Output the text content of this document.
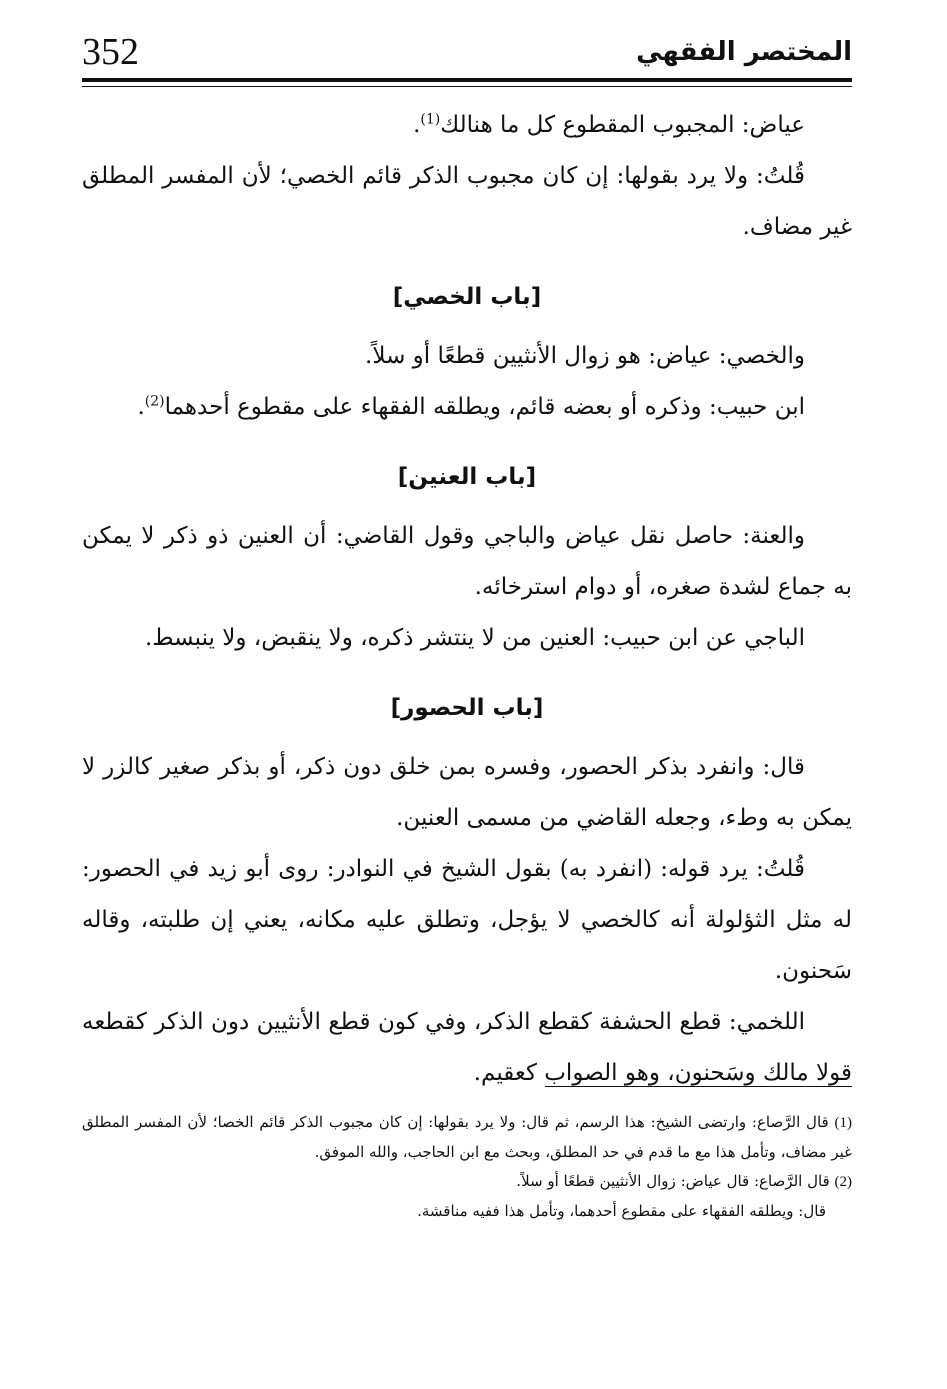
352	المختصر الفقهي

عياض: المجبوب المقطوع كل ما هنالك$^{(1)}$.

قُلتُ: ولا يرد بقولها: إن كان مجبوب الذكر قائم الخصي؛ لأن المفسر المطلق غير مضاف.

[باب الخصي]

والخصي: عياض: هو زوال الأنثيين قطعًا أو سلاً.

ابن حبيب: وذكره أو بعضه قائم، ويطلقه الفقهاء على مقطوع أحدهما$^{(2)}$.

[باب العنين]

والعنة: حاصل نقل عياض والباجي وقول القاضي: أن العنين ذو ذكر لا يمكن به جماع لشدة صغره، أو دوام استرخائه.

الباجي عن ابن حبيب: العنين من لا ينتشر ذكره، ولا ينقبض، ولا ينبسط.

[باب الحصور]

قال: وانفرد بذكر الحصور، وفسره بمن خلق دون ذكر، أو بذكر صغير كالزر لا يمكن به وطء، وجعله القاضي من مسمى العنين.

قُلتُ: يرد قوله: (انفرد به) بقول الشيخ في النوادر: روى أبو زيد في الحصور: له مثل الثؤلولة أنه كالخصي لا يؤجل، وتطلق عليه مكانه، يعني إن طلبته، وقاله سَحنون.

اللخمي: قطع الحشفة كقطع الذكر، وفي كون قطع الأنثيين دون الذكر كقطعه قولا مالك وسَحنون، وهو الصواب كعقيم.

(1) قال الرَّصاع: وارتضى الشيخ: هذا الرسم، ثم قال: ولا يرد بقولها: إن كان مجبوب الذكر قائم الخصا؛ لأن المفسر المطلق غير مضاف، وتأمل هذا مع ما قدم في حد المطلق، وبحث مع ابن الحاجب، والله الموفق.

(2) قال الرَّصاع: قال عياض: زوال الأنثيين قطعًا أو سلاً.

قال: ويطلقه الفقهاء على مقطوع أحدهما، وتأمل هذا ففيه مناقشة.
